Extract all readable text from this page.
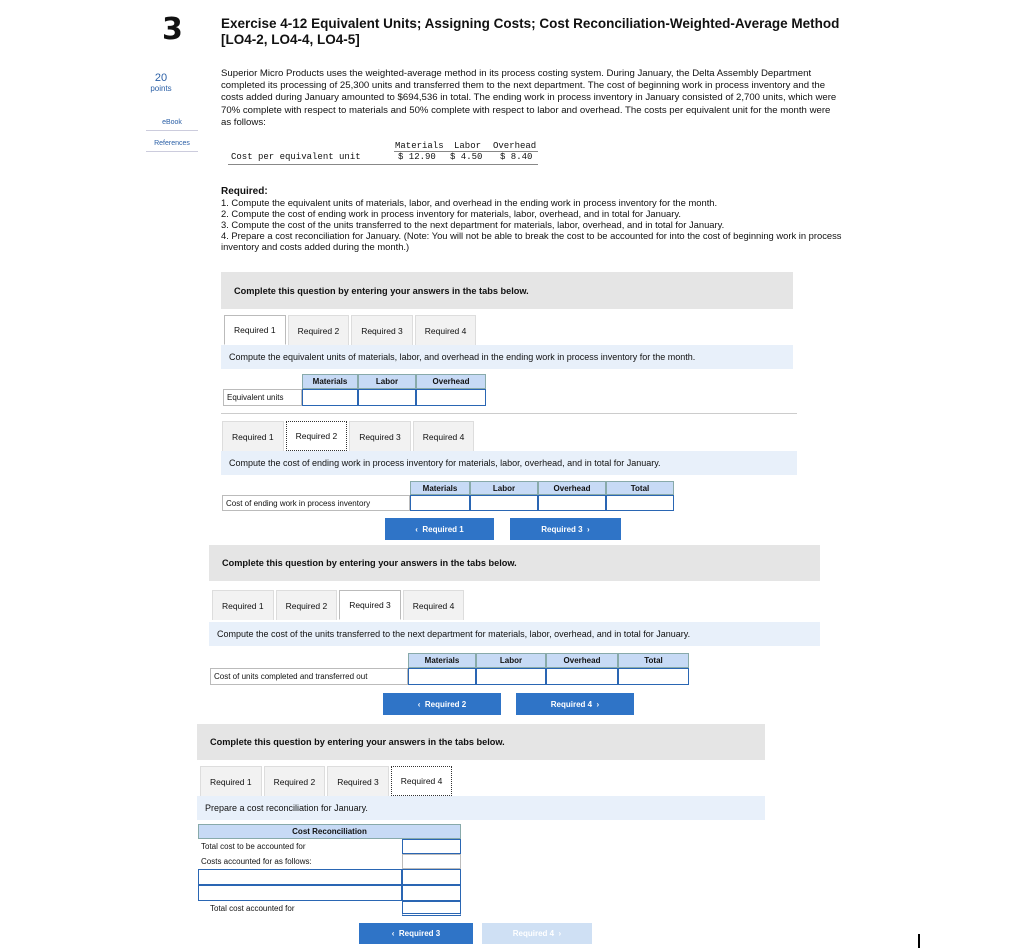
3
20
points
eBook
References
Exercise 4-12 Equivalent Units; Assigning Costs; Cost Reconciliation-Weighted-Average Method [LO4-2, LO4-4, LO4-5]
Superior Micro Products uses the weighted-average method in its process costing system. During January, the Delta Assembly Department completed its processing of 25,300 units and transferred them to the next department. The cost of beginning work in process inventory and the costs added during January amounted to $694,536 in total. The ending work in process inventory in January consisted of 2,700 units, which were 70% complete with respect to materials and 50% complete with respect to labor and overhead. The costs per equivalent unit for the month were as follows:
Materials Labor Overhead
Cost per equivalent unit	$ 12.90 $ 4.50 $ 8.40
Required:
1. Compute the equivalent units of materials, labor, and overhead in the ending work in process inventory for the month.
2. Compute the cost of ending work in process inventory for materials, labor, overhead, and in total for January.
3. Compute the cost of the units transferred to the next department for materials, labor, overhead, and in total for January.
4. Prepare a cost reconciliation for January. (Note: You will not be able to break the cost to be accounted for into the cost of beginning work in process inventory and costs added during the month.)
Complete this question by entering your answers in the tabs below.
Required 1	Required 2	Required 3	Required 4
Compute the equivalent units of materials, labor, and overhead in the ending work in process inventory for the month.
Materials	Labor	Overhead
Equivalent units
Required 1	Required 2	Required 3	Required 4
Compute the cost of ending work in process inventory for materials, labor, overhead, and in total for January.
Materials	Labor	Overhead	Total
Cost of ending work in process inventory
‹ Required 1	Required 3 ›
Complete this question by entering your answers in the tabs below.
Required 1	Required 2	Required 3	Required 4
Compute the cost of the units transferred to the next department for materials, labor, overhead, and in total for January.
Materials	Labor	Overhead	Total
Cost of units completed and transferred out
‹ Required 2	Required 4 ›
Complete this question by entering your answers in the tabs below.
Required 1	Required 2	Required 3	Required 4
Prepare a cost reconciliation for January.
Cost Reconciliation
Total cost to be accounted for
Costs accounted for as follows:
Total cost accounted for
‹ Required 3	Required 4 ›
